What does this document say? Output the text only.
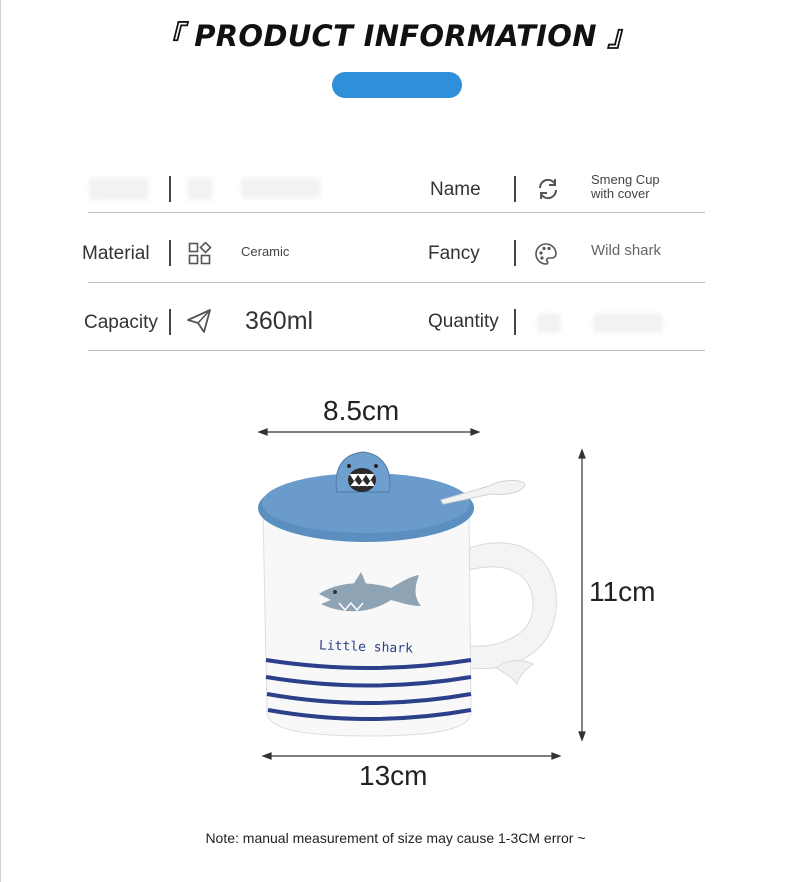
『 PRODUCT INFORMATION 』
Name	Smeng Cup
with cover
Material	Ceramic	Fancy	Wild shark
Capacity	360ml	Quantity
8.5cm
11cm
13cm
Little shark
Note: manual measurement of size may cause 1-3CM error ~
